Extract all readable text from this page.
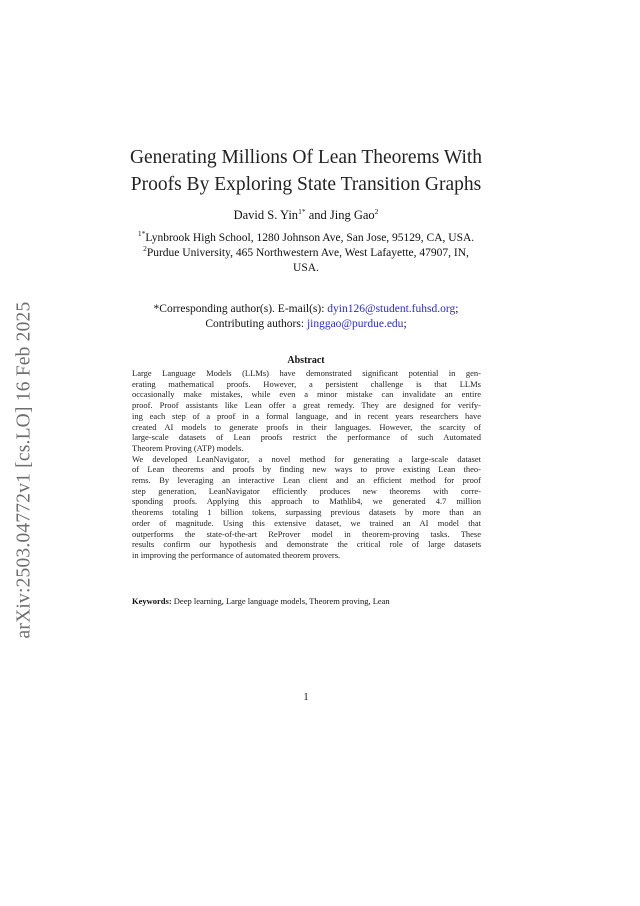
arXiv:2503.04772v1 [cs.LO] 16 Feb 2025
Generating Millions Of Lean Theorems With
Proofs By Exploring State Transition Graphs
David S. Yin$^{1*}$ and Jing Gao$^2$
$^{1*}$Lynbrook High School, 1280 Johnson Ave, San Jose, 95129, CA, USA.
$^2$Purdue University, 465 Northwestern Ave, West Lafayette, 47907, IN,
USA.
*Corresponding author(s). E-mail(s): dyin126@student.fuhsd.org;
Contributing authors: jinggao@purdue.edu;
Abstract
Large Language Models (LLMs) have demonstrated significant potential in gen-
erating mathematical proofs. However, a persistent challenge is that LLMs
occasionally make mistakes, while even a minor mistake can invalidate an entire
proof. Proof assistants like Lean offer a great remedy. They are designed for verify-
ing each step of a proof in a formal language, and in recent years researchers have
created AI models to generate proofs in their languages. However, the scarcity of
large-scale datasets of Lean proofs restrict the performance of such Automated
Theorem Proving (ATP) models.
We developed LeanNavigator, a novel method for generating a large-scale dataset
of Lean theorems and proofs by finding new ways to prove existing Lean theo-
rems. By leveraging an interactive Lean client and an efficient method for proof
step generation, LeanNavigator efficiently produces new theorems with corre-
sponding proofs. Applying this approach to Mathlib4, we generated 4.7 million
theorems totaling 1 billion tokens, surpassing previous datasets by more than an
order of magnitude. Using this extensive dataset, we trained an AI model that
outperforms the state-of-the-art ReProver model in theorem-proving tasks. These
results confirm our hypothesis and demonstrate the critical role of large datasets
in improving the performance of automated theorem provers.
Keywords: Deep learning, Large language models, Theorem proving, Lean
1
